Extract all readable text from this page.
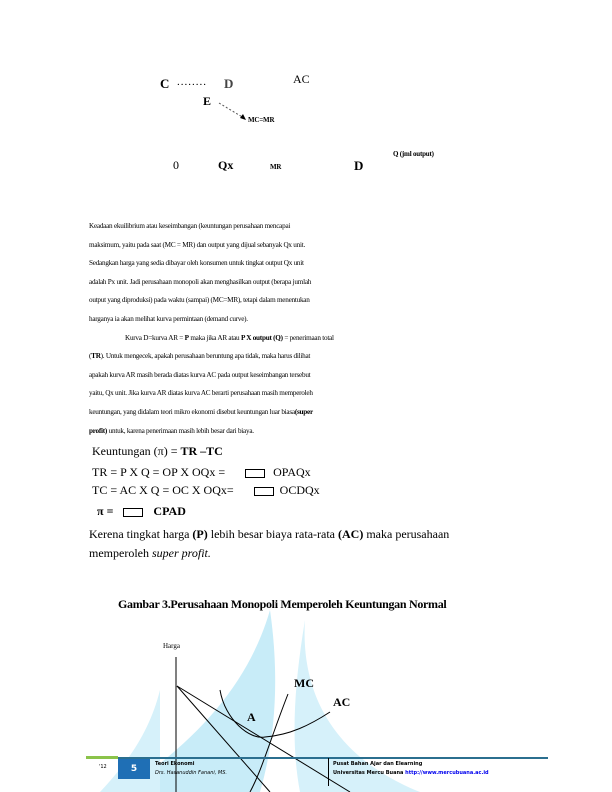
C ........ D	AC
E
MC=MR
Q (jml output)
0	Qx	MR	D
Keadaan ekuilibrium atau keseimbangan (keuntungan perusahaan mencapai
maksimum, yaitu pada saat (MC = MR) dan output yang dijual sebanyak Qx unit.
Sedangkan harga yang sedia dibayar oleh konsumen untuk tingkat output Qx unit
adalah Px unit. Jadi perusahaan monopoli akan menghasilkan output (berapa jumlah
output yang diproduksi) pada waktu (sampai) (MC=MR), tetapi dalam menentukan
harganya ia akan melihat kurva permintaan (demand curve).
Kurva D=kurva AR = P maka jika AR atau P X output (Q) = penerimaan total
(TR). Untuk mengecek, apakah perusahaan beruntung apa tidak, maka harus dilihat
apakah kurva AR masih berada diatas kurva AC pada output keseimbangan tersebut
yaitu, Qx unit. Jika kurva AR diatas kurva AC berarti perusahaan masih memperoleh
keuntungan, yang didalam teori mikro ekonomi disebut keuntungan luar biasa(super
profit) untuk, karena penerimaan masih lebih besar dari biaya.
Keuntungan (π) = TR –TC
TR = P X Q = OP X OQx =	OPAQx
TC = AC X Q = OC X OQx=	OCDQx
π =	CPAD
Kerena tingkat harga (P) lebih besar biaya rata-rata (AC) maka perusahaan
memperoleh super profit.
Gambar 3.Perusahaan Monopoli Memperoleh Keuntungan Normal
Harga
MC
AC
A
'12	5	Teori Ekonomi
Drs. Hasanuddin Fanani, MS.
Pusat Bahan Ajar dan Elearning
Universitas Mercu Buana http://www.mercubuana.ac.id
